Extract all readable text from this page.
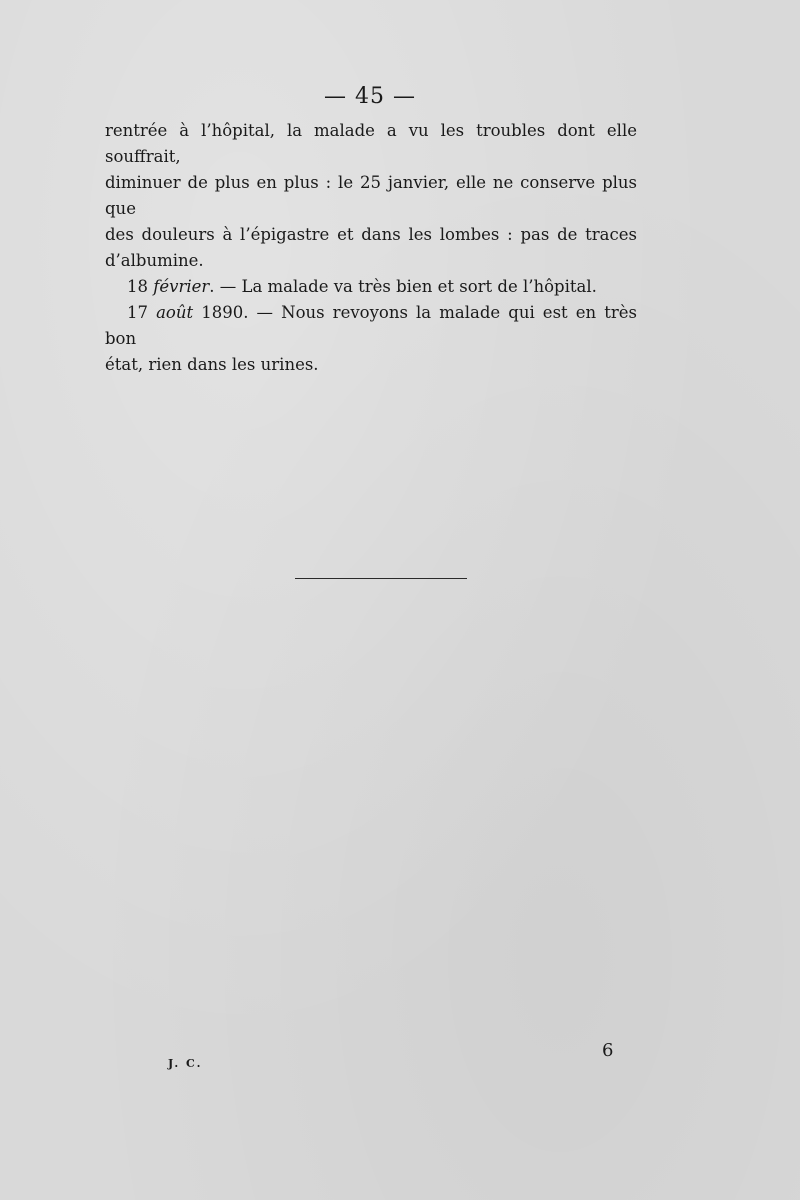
— 45 —

rentrée à l’hôpital, la malade a vu les troubles dont elle souffrait,

diminuer de plus en plus : le 25 janvier, elle ne conserve plus que

des douleurs à l’épigastre et dans les lombes : pas de traces

d’albumine.

18 février. — La malade va très bien et sort de l’hôpital.

17 août 1890. — Nous revoyons la malade qui est en très bon

état, rien dans les urines.

J. C.
6
